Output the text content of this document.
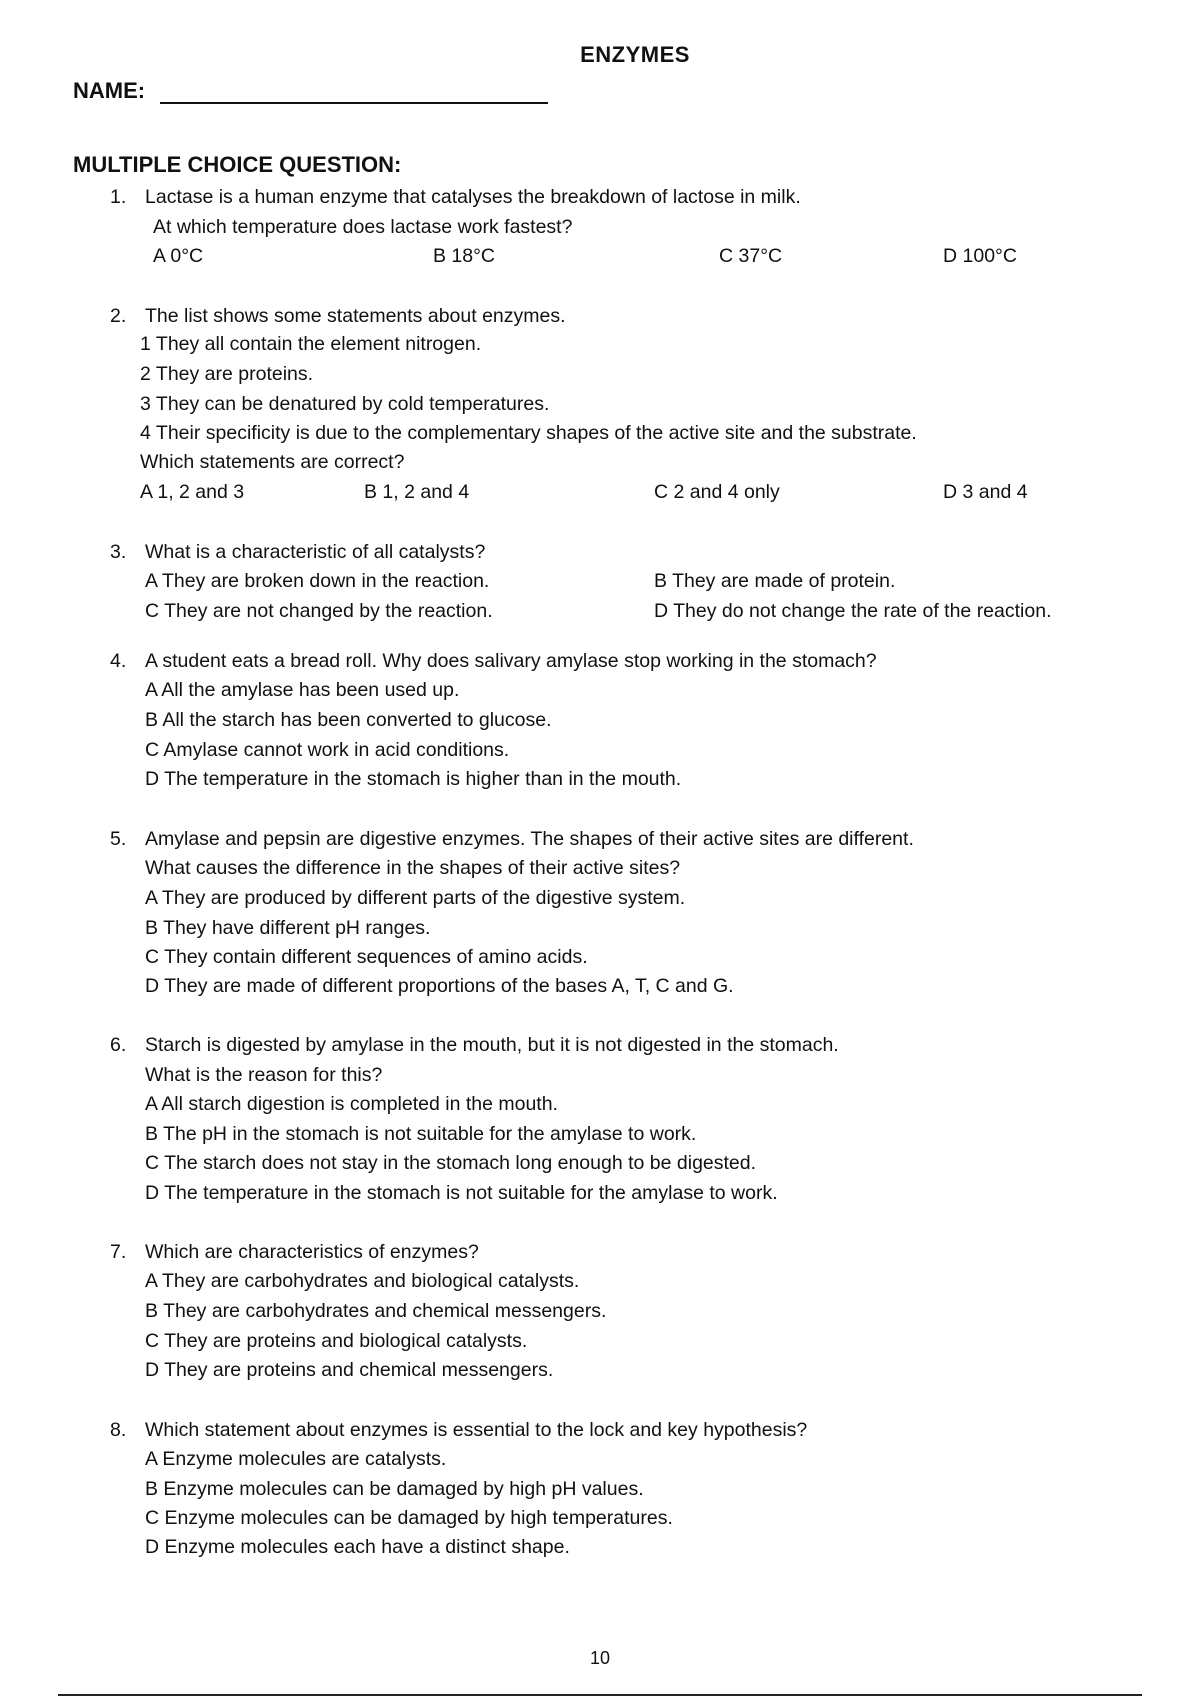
ENZYMES
NAME:
MULTIPLE CHOICE QUESTION:
1. Lactase is a human enzyme that catalyses the breakdown of lactose in milk.
At which temperature does lactase work fastest?
A 0°C	B 18°C	C 37°C	D 100°C
2. The list shows some statements about enzymes.
1 They all contain the element nitrogen.
2 They are proteins.
3 They can be denatured by cold temperatures.
4 Their specificity is due to the complementary shapes of the active site and the substrate.
Which statements are correct?
A 1, 2 and 3	B 1, 2 and 4	C 2 and 4 only	D 3 and 4
3. What is a characteristic of all catalysts?
A They are broken down in the reaction.	B They are made of protein.
C They are not changed by the reaction.	D They do not change the rate of the reaction.
4. A student eats a bread roll. Why does salivary amylase stop working in the stomach?
A All the amylase has been used up.
B All the starch has been converted to glucose.
C Amylase cannot work in acid conditions.
D The temperature in the stomach is higher than in the mouth.
5. Amylase and pepsin are digestive enzymes. The shapes of their active sites are different.
What causes the difference in the shapes of their active sites?
A They are produced by different parts of the digestive system.
B They have different pH ranges.
C They contain different sequences of amino acids.
D They are made of different proportions of the bases A, T, C and G.
6. Starch is digested by amylase in the mouth, but it is not digested in the stomach.
What is the reason for this?
A All starch digestion is completed in the mouth.
B The pH in the stomach is not suitable for the amylase to work.
C The starch does not stay in the stomach long enough to be digested.
D The temperature in the stomach is not suitable for the amylase to work.
7. Which are characteristics of enzymes?
A They are carbohydrates and biological catalysts.
B They are carbohydrates and chemical messengers.
C They are proteins and biological catalysts.
D They are proteins and chemical messengers.
8. Which statement about enzymes is essential to the lock and key hypothesis?
A Enzyme molecules are catalysts.
B Enzyme molecules can be damaged by high pH values.
C Enzyme molecules can be damaged by high temperatures.
D Enzyme molecules each have a distinct shape.
10
